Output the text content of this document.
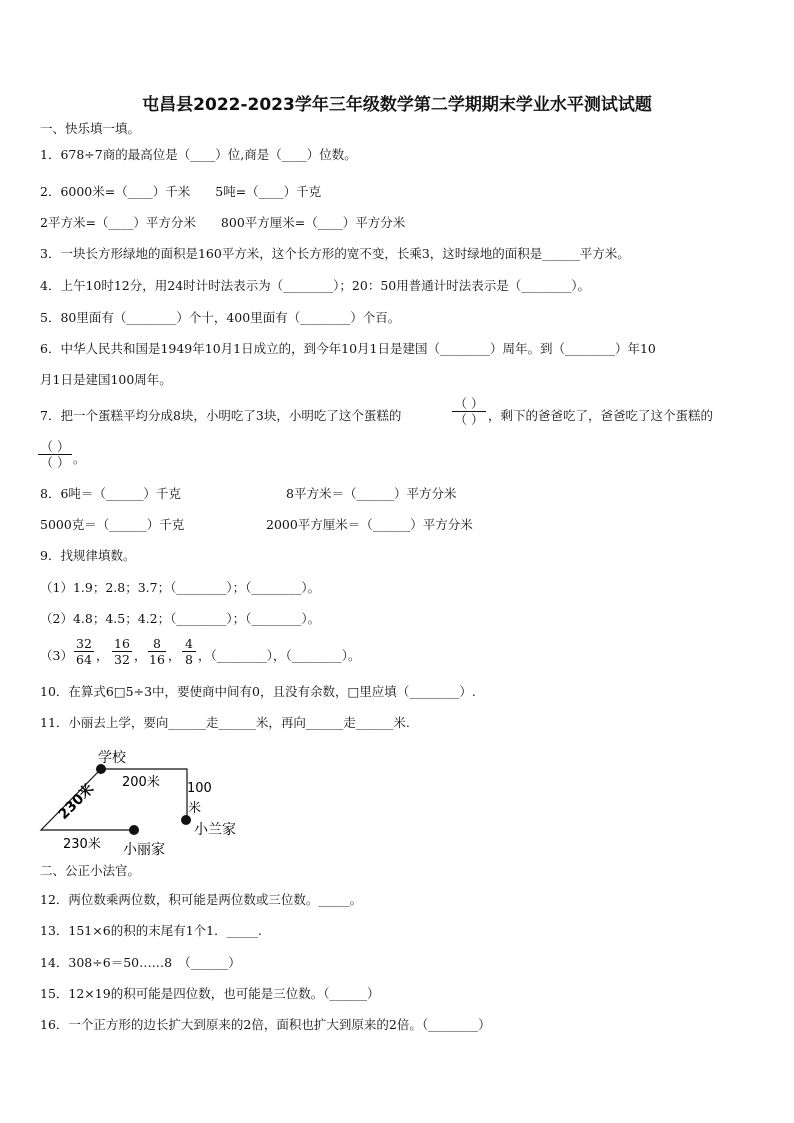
屯昌县2022-2023学年三年级数学第二学期期末学业水平测试试题
一、快乐填一填。
1．678÷7商的最高位是（____）位,商是（____）位数。
2．6000米=（____）千米　　5吨=（____）千克
2平方米=（____）平方分米　　800平方厘米=（____）平方分米
3．一块长方形绿地的面积是160平方米，这个长方形的宽不变，长乘3，这时绿地的面积是______平方米。
4．上午10时12分，用24时计时法表示为（________）；20：50用普通计时法表示是（________）。
5．80里面有（________）个十，400里面有（________）个百。
6．中华人民共和国是1949年10月1日成立的，到今年10月1日是建国（________）周年。到（________）年10
月1日是建国100周年。
7．把一个蛋糕平均分成8块，小明吃了3块，小明吃了这个蛋糕的
（ ）
（ ） ，剩下的爸爸吃了，爸爸吃了这个蛋糕的
（ ）
（ ） 。
8．6吨＝（______）千克	8平方米＝（______）平方分米
5000克＝（______）千克	2000平方厘米＝（______）平方分米
9．找规律填数。
（1）1.9；2.8；3.7；（________）；（________）。
（2）4.8；4.5；4.2；（________）；（________）。
$(3) \frac{32}{64}$ ， $\frac{16}{32}$ ， $\frac{8}{16}$ ， $\frac{4}{8}$ ，（________），（________）。
10．在算式6□5÷3中，要使商中间有0，且没有余数，□里应填（________）.
11．小丽去上学，要向______走______米，再向______走______米.
学校
200米 100
米
230米
230米
小兰家
小丽家
二、公正小法官。
12．两位数乘两位数，积可能是两位数或三位数。_____。
13．151×6的积的末尾有1个1．_____.
14．308÷6＝50……8　（______）
15．12×19的积可能是四位数，也可能是三位数。（______）
16．一个正方形的边长扩大到原来的2倍，面积也扩大到原来的2倍。（________）
